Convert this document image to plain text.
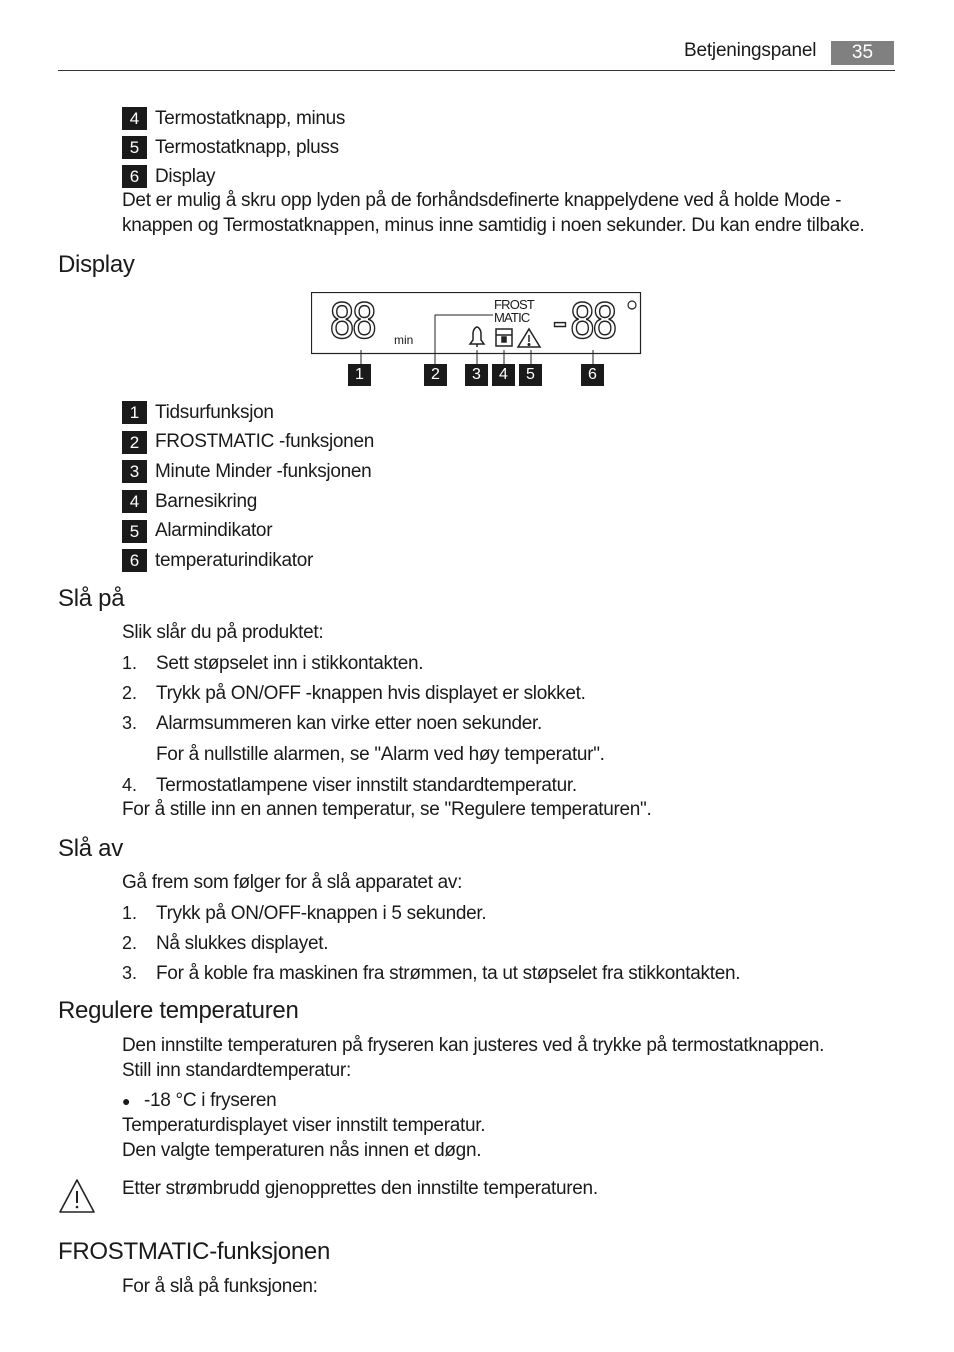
Betjeningspanel	35
4 Termostatknapp, minus
5 Termostatknapp, pluss
6 Display
Det er mulig å skru opp lyden på de forhåndsdefinerte knappelydene ved å holde Mode -
knappen og Termostatknappen, minus inne samtidig i noen sekunder. Du kan endre tilbake.
Display
88 min
FROST
MATIC -88
1	2	3	4	5	6
1 Tidsurfunksjon
2 FROSTMATIC -funksjonen
3 Minute Minder -funksjonen
4 Barnesikring
5 Alarmindikator
6 temperaturindikator
Slå på
Slik slår du på produktet:
1. Sett støpselet inn i stikkontakten.
2. Trykk på ON/OFF -knappen hvis displayet er slokket.
3. Alarmsummeren kan virke etter noen sekunder.
For å nullstille alarmen, se "Alarm ved høy temperatur".
4. Termostatlampene viser innstilt standardtemperatur.
For å stille inn en annen temperatur, se "Regulere temperaturen".
Slå av
Gå frem som følger for å slå apparatet av:
1. Trykk på ON/OFF-knappen i 5 sekunder.
2. Nå slukkes displayet.
3. For å koble fra maskinen fra strømmen, ta ut støpselet fra stikkontakten.
Regulere temperaturen
Den innstilte temperaturen på fryseren kan justeres ved å trykke på termostatknappen.
Still inn standardtemperatur:
● -18 °C i fryseren
Temperaturdisplayet viser innstilt temperatur.
Den valgte temperaturen nås innen et døgn.
Etter strømbrudd gjenopprettes den innstilte temperaturen.
FROSTMATIC-funksjonen
For å slå på funksjonen:
